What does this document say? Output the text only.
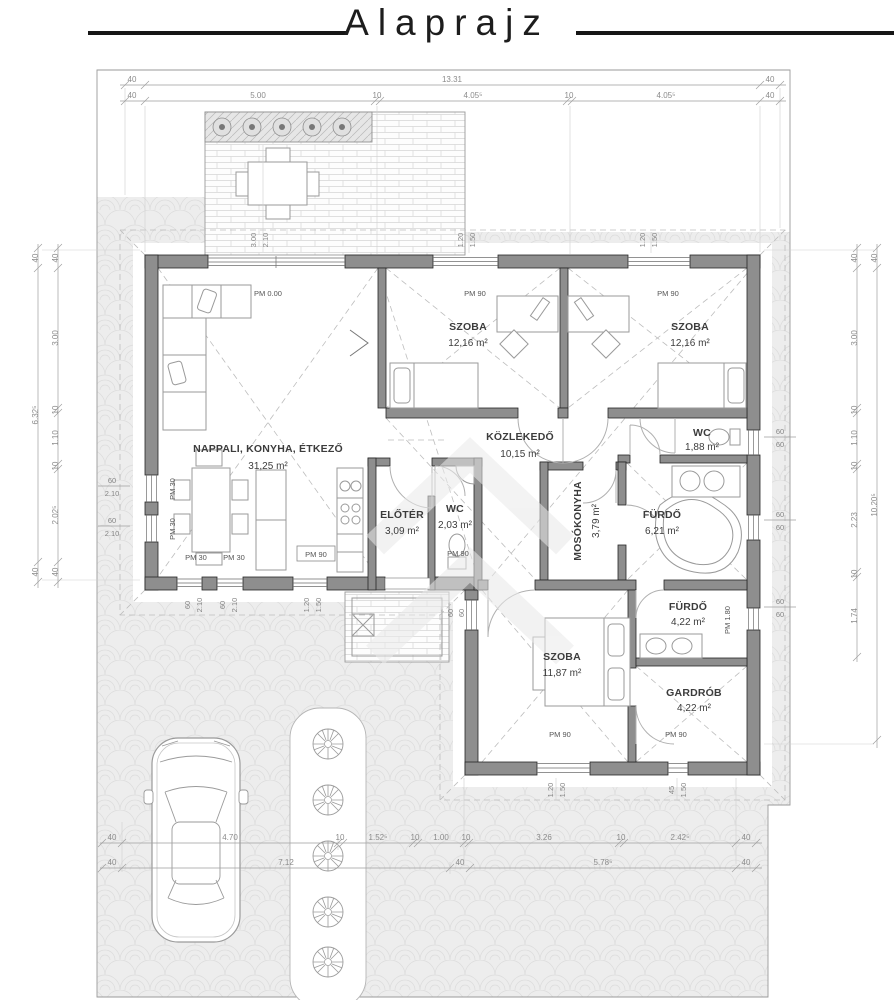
Alaprajz
40	13.31	40
40	5.00	10	4.05⁵	10	4.05⁵	40
40
6.32⁵
40
40
3.00
10
1.10
10
2.02⁵
40
40
3.00
10
1.10
10
2.23
10
1.74
40
10.20⁵
40	4.70	10	1.52⁵	10 1.00 10	3.26	10	2.42⁵	40
40	7.12	40	5.78⁵	40
3.00 2.10	1.20 1.50	1.20 1.50
60
2.10
60
2.10
60 2.10 60 2.10	1.20 1.50
60 60
60
60
60
60
60
60
1.20 1.50	45 1.50
PM 0.00	PM 90	PM 90
PM 90	PM 90
PM 90	PM 90
PM 30
PM 30
PM 30 PM 30
PM 1.80
NAPPALI, KONYHA, ÉTKEZŐ
31,25 m²
SZOBA
12,16 m²
SZOBA
12,16 m²
KÖZLEKEDŐ
10,15 m²
ELŐTÉR
3,09 m²
WC
2,03 m²	MOSÓKONYHA 3,79 m²	FÜRDŐ
6,21 m²
WC
1,88 m²
SZOBA
11,87 m²
FÜRDŐ
4,22 m²
GARDRÓB
4,22 m²
